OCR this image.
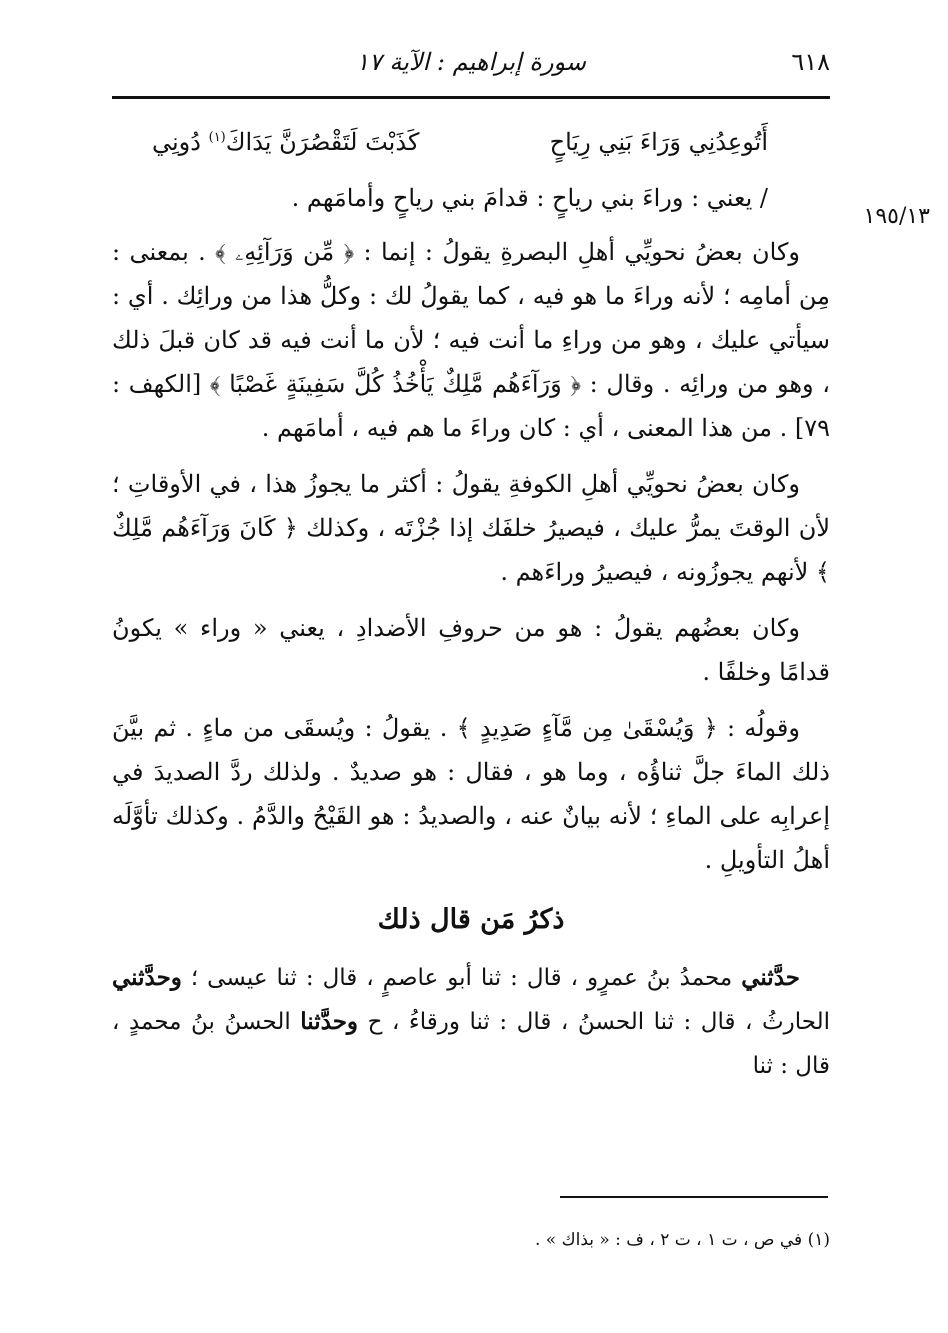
٦١٨
سورة إبراهيم : الآية ١٧
١٩٥/١٣
أَتُوعِدُنِي وَرَاءَ بَنِي رِيَاحٍ
كَذَبْتَ لَتَقْصُرَنَّ يَدَاكَ$^{(١)}$ دُونِي
/ يعني : وراءَ بني رياحٍ : قدامَ بني رياحٍ وأمامَهم .

وكان بعضُ نحويِّي أهلِ البصرةِ يقولُ : إنما : ﴿ مِّن وَرَآئِهِۦ ﴾ . بمعنى : مِن أمامِه ؛ لأنه وراءَ ما هو فيه ، كما يقولُ لك : وكلُّ هذا من ورائِك . أي : سيأتي عليك ، وهو من وراءِ ما أنت فيه ؛ لأن ما أنت فيه قد كان قبلَ ذلك ، وهو من ورائِه . وقال : ﴿ وَرَآءَهُم مَّلِكٌ يَأْخُذُ كُلَّ سَفِينَةٍ غَصْبًا ﴾ [الكهف : ٧٩] . من هذا المعنى ، أي : كان وراءَ ما هم فيه ، أمامَهم .

وكان بعضُ نحويِّي أهلِ الكوفةِ يقولُ : أكثر ما يجوزُ هذا ، في الأوقاتِ ؛ لأن الوقتَ يمرُّ عليك ، فيصيرُ خلفَك إذا جُزْتَه ، وكذلك ﴿ كَانَ وَرَآءَهُم مَّلِكٌ ﴾ لأنهم يجوزُونه ، فيصيرُ وراءَهم .

وكان بعضُهم يقولُ : هو من حروفِ الأضدادِ ، يعني « وراء » يكونُ قدامًا وخلفًا .

وقولُه : ﴿ وَيُسْقَىٰ مِن مَّآءٍ صَدِيدٍ ﴾ . يقولُ : ويُسقَى من ماءٍ . ثم بيَّنَ ذلك الماءَ جلَّ ثناؤُه ، وما هو ، فقال : هو صديدٌ . ولذلك ردَّ الصديدَ في إعرابِه على الماءِ ؛ لأنه بيانٌ عنه ، والصديدُ : هو القَيْحُ والدَّمُ . وكذلك تأوَّلَه أهلُ التأويلِ .

ذكرُ مَن قال ذلك

حدَّثني محمدُ بنُ عمرٍو ، قال : ثنا أبو عاصمٍ ، قال : ثنا عيسى ؛ وحدَّثني الحارثُ ، قال : ثنا الحسنُ ، قال : ثنا ورقاءُ ، ح وحدَّثنا الحسنُ بنُ محمدٍ ، قال : ثنا

(١) في ص ، ت ١ ، ت ٢ ، ف : « بذاك » .
